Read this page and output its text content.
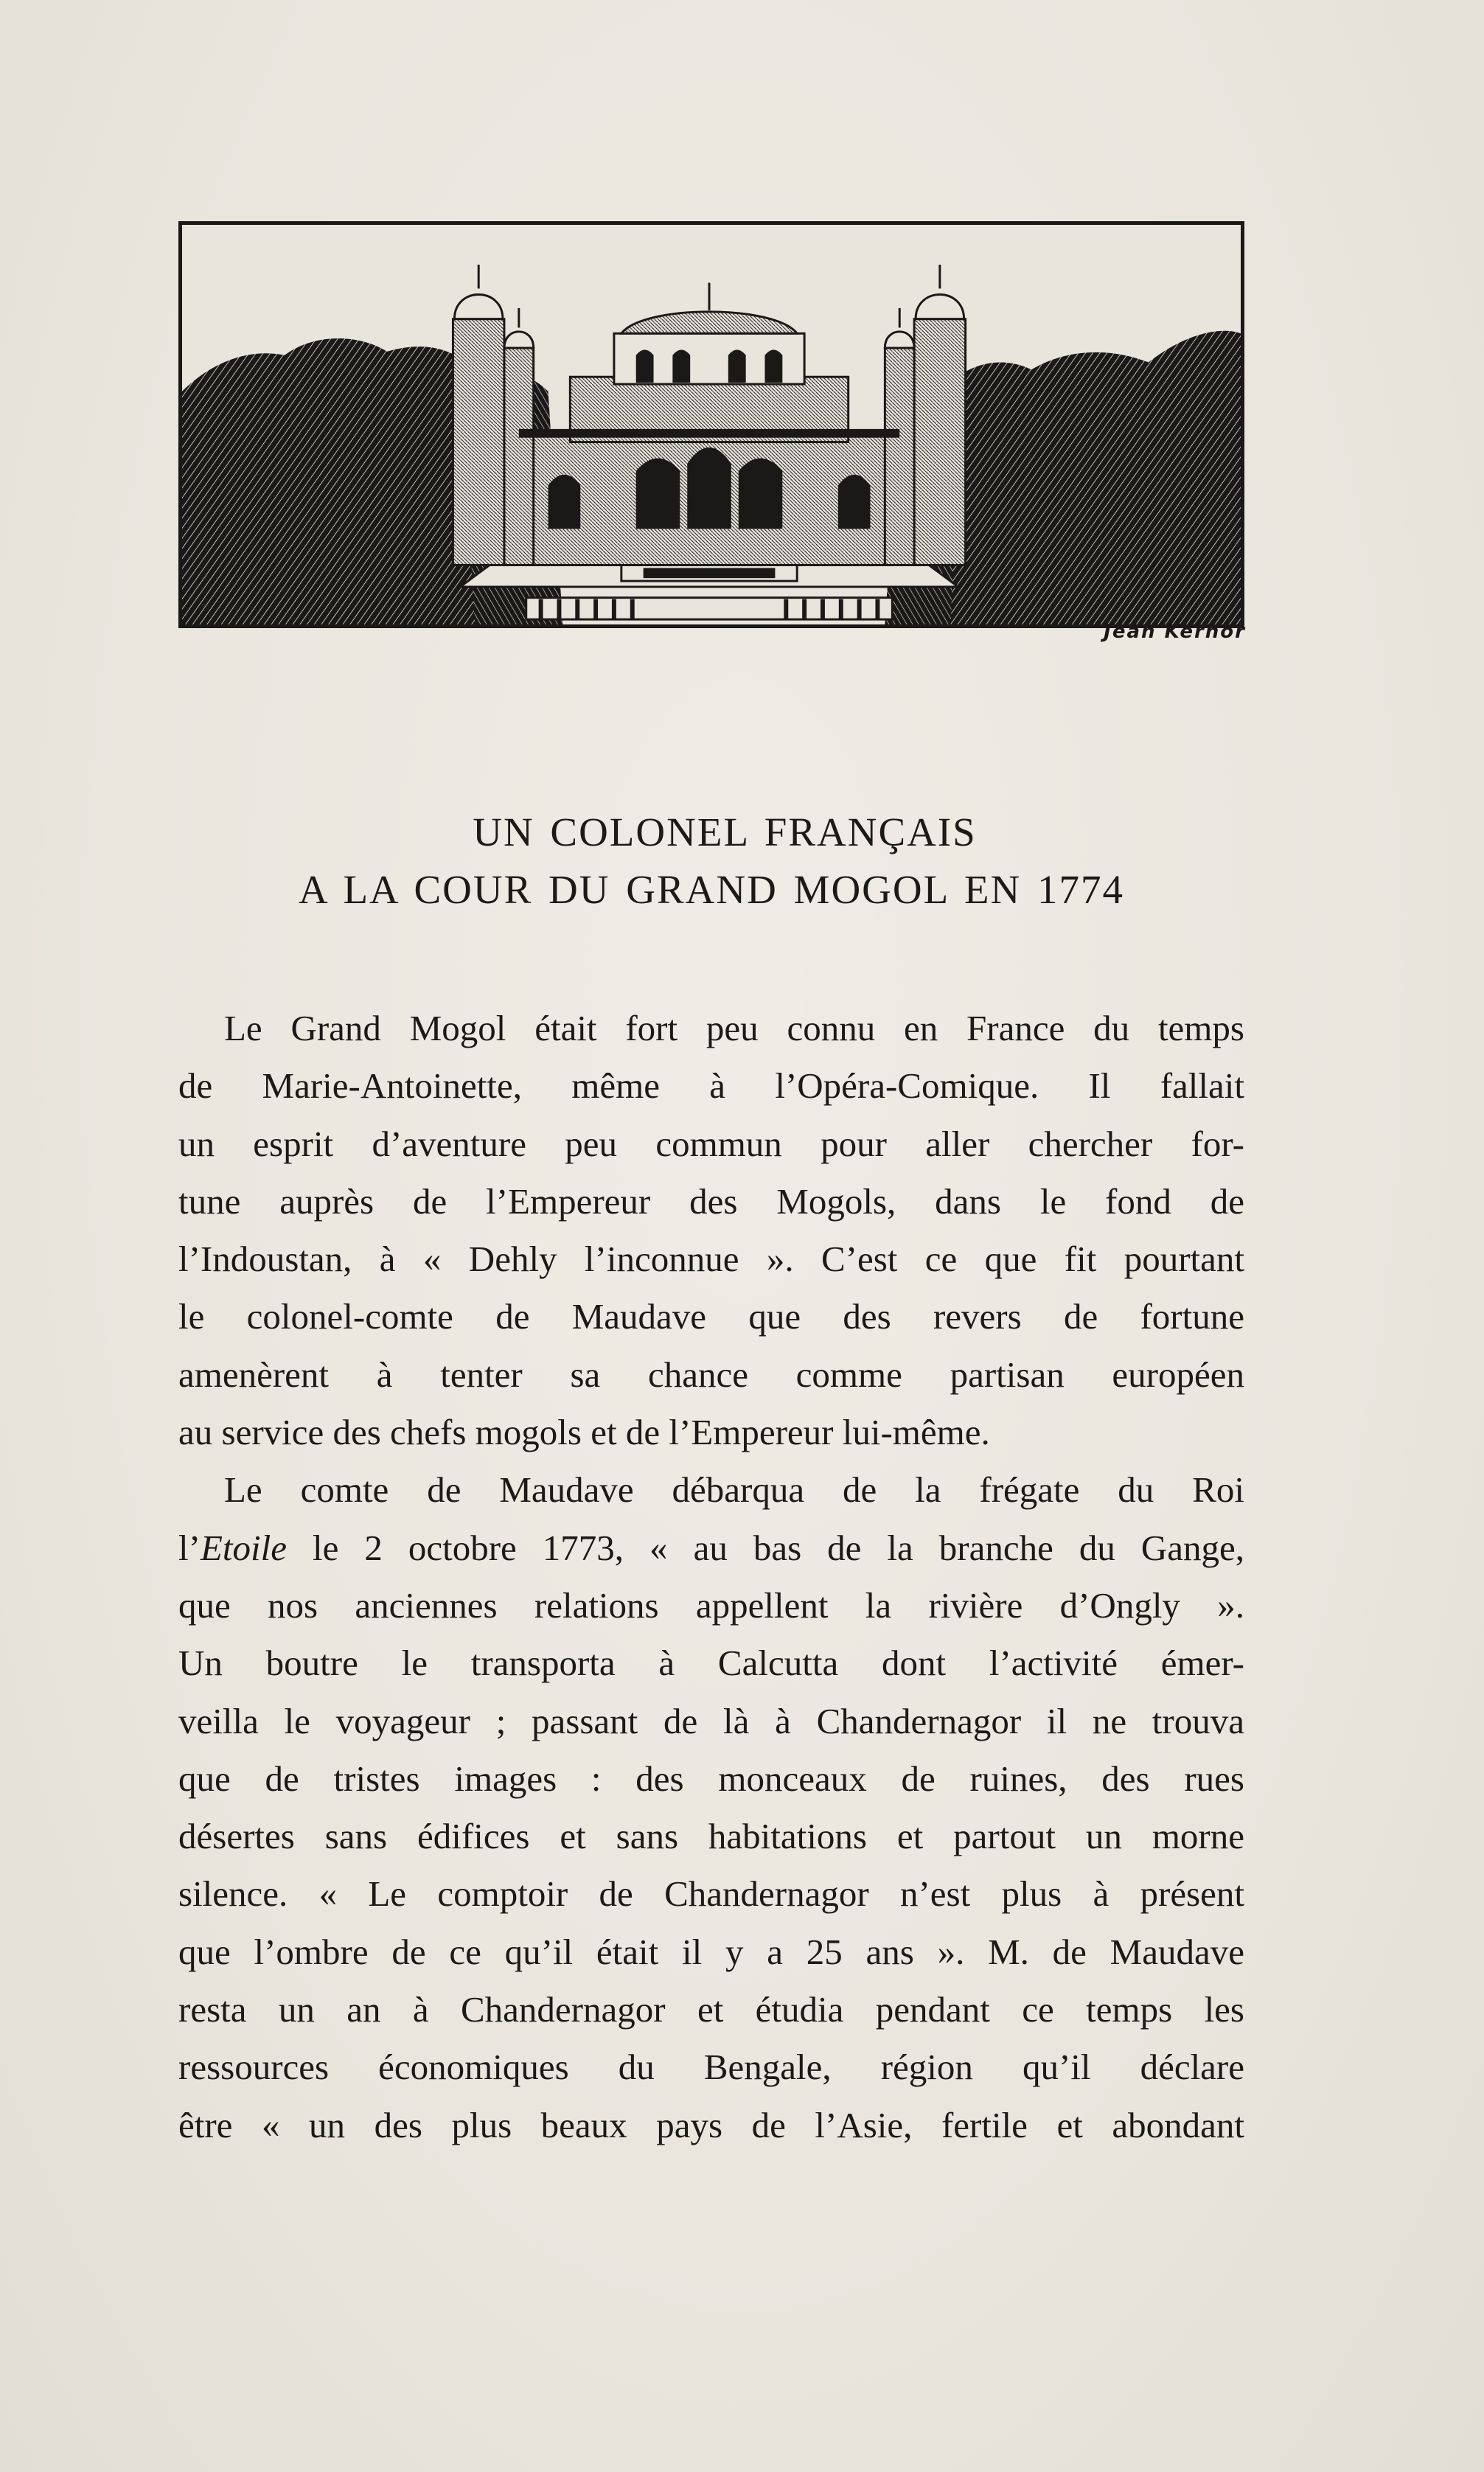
Jean Kerhor
UN COLONEL FRANÇAIS
A LA COUR DU GRAND MOGOL EN 1774
Le Grand Mogol était fort peu connu en France du temps
de Marie-Antoinette, même à l’Opéra-Comique. Il fallait
un esprit d’aventure peu commun pour aller chercher for-
tune auprès de l’Empereur des Mogols, dans le fond de
l’Indoustan, à « Dehly l’inconnue ». C’est ce que fit pourtant
le colonel-comte de Maudave que des revers de fortune
amenèrent à tenter sa chance comme partisan européen
au service des chefs mogols et de l’Empereur lui-même.
Le comte de Maudave débarqua de la frégate du Roi
l’Etoile le 2 octobre 1773, « au bas de la branche du Gange,
que nos anciennes relations appellent la rivière d’Ongly ».
Un boutre le transporta à Calcutta dont l’activité émer-
veilla le voyageur ; passant de là à Chandernagor il ne trouva
que de tristes images : des monceaux de ruines, des rues
désertes sans édifices et sans habitations et partout un morne
silence. « Le comptoir de Chandernagor n’est plus à présent
que l’ombre de ce qu’il était il y a 25 ans ». M. de Maudave
resta un an à Chandernagor et étudia pendant ce temps les
ressources économiques du Bengale, région qu’il déclare
être « un des plus beaux pays de l’Asie, fertile et abondant
